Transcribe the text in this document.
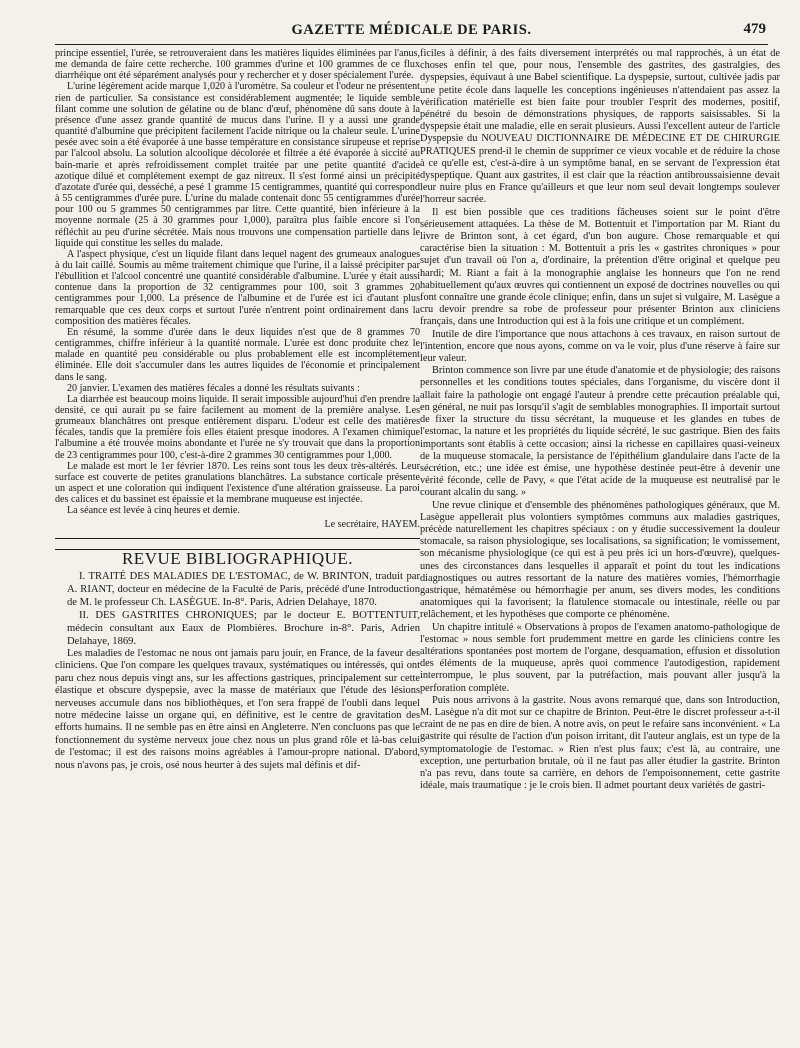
GAZETTE MÉDICALE DE PARIS.	479

principe essentiel, l'urée, se retrouveraient dans les matières liquides éliminées par l'anus, me demanda de faire cette recherche. 100 grammes d'urine et 100 grammes de ce flux diarrhéique ont été séparément analysés pour y rechercher et y doser spécialement l'urée.

L'urine légèrement acide marque 1,020 à l'uromètre. Sa couleur et l'odeur ne présentent rien de particulier. Sa consistance est considérablement augmentée; le liquide semble filant comme une solution de gélatine ou de blanc d'œuf, phénomène dû sans doute à la présence d'une assez grande quantité de mucus dans l'urine. Il y a aussi une grande quantité d'albumine que précipitent facilement l'acide nitrique ou la chaleur seule. L'urine pesée avec soin a été évaporée à une basse température en consistance sirupeuse et reprise par l'alcool absolu. La solution alcoolique décolorée et filtrée a été évaporée à siccité au bain-marie et après refroidissement complet traitée par une petite quantité d'acide azotique dilué et complétement exempt de gaz nitreux. Il s'est formé ainsi un précipité d'azotate d'urée qui, desséché, a pesé 1 gramme 15 centigrammes, quantité qui correspond à 55 centigrammes d'urée pure. L'urine du malade contenait donc 55 centigrammes d'urée pour 100 ou 5 grammes 50 centigrammes par litre. Cette quantité, bien inférieure à la moyenne normale (25 à 30 grammes pour 1,000), paraîtra plus faible encore si l'on réfléchit au peu d'urine sécrétée. Mais nous trouvons une compensation partielle dans le liquide qui constitue les selles du malade.

A l'aspect physique, c'est un liquide filant dans lequel nagent des grumeaux analogues à du lait caillé. Soumis au même traitement chimique que l'urine, il a laissé précipiter par l'ébullition et l'alcool concentré une quantité considérable d'albumine. L'urée y était aussi contenue dans la proportion de 32 centigrammes pour 100, soit 3 grammes 20 centigrammes pour 1,000. La présence de l'albumine et de l'urée est ici d'autant plus remarquable que ces deux corps et surtout l'urée n'entrent point ordinairement dans la composition des matières fécales.

En résumé, la somme d'urée dans le deux liquides n'est que de 8 grammes 70 centigrammes, chiffre inférieur à la quantité normale. L'urée est donc produite chez le malade en quantité peu considérable ou plus probablement elle est incomplétement éliminée. Elle doit s'accumuler dans les autres liquides de l'économie et principalement dans le sang.

20 janvier. L'examen des matières fécales a donné les résultats suivants :

La diarrhée est beaucoup moins liquide. Il serait impossible aujourd'hui d'en prendre la densité, ce qui aurait pu se faire facilement au moment de la première analyse. Les grumeaux blanchâtres ont presque entièrement disparu. L'odeur est celle des matières fécales, tandis que la première fois elles étaient presque inodores. A l'examen chimique l'albumine a été trouvée moins abondante et l'urée ne s'y trouvait que dans la proportion de 23 centigrammes pour 100, c'est-à-dire 2 grammes 30 centigrammes pour 1,000.

Le malade est mort le 1er février 1870. Les reins sont tous les deux très-altérés. Leur surface est couverte de petites granulations blanchâtres. La substance corticale présente un aspect et une coloration qui indiquent l'existence d'une altération graisseuse. La paroi des calices et du bassinet est épaissie et la membrane muqueuse est injectée.

La séance est levée à cinq heures et demie.

Le secrétaire, HAYEM.
REVUE BIBLIOGRAPHIQUE.

I. TRAITÉ DES MALADIES DE L'ESTOMAC, de W. BRINTON, traduit par A. RIANT, docteur en médecine de la Faculté de Paris, précédé d'une Introduction de M. le professeur Ch. LASÈGUE. In-8°. Paris, Adrien Delahaye, 1870.

II. DES GASTRITES CHRONIQUES; par le docteur E. BOTTENTUIT, médecin consultant aux Eaux de Plombières. Brochure in-8°. Paris, Adrien Delahaye, 1869.

Les maladies de l'estomac ne nous ont jamais paru jouir, en France, de la faveur des cliniciens. Que l'on compare les quelques travaux, systématiques ou intéressés, qui ont paru chez nous depuis vingt ans, sur les affections gastriques, principalement sur cette élastique et obscure dyspepsie, avec la masse de matériaux que l'étude des lésions nerveuses accumule dans nos bibliothèques, et l'on sera frappé de l'oubli dans lequel notre médecine laisse un organe qui, en définitive, est le centre de gravitation des efforts humains. Il ne semble pas en être ainsi en Angleterre. N'en concluons pas que le fonctionnement du système nerveux joue chez nous un plus grand rôle et là-bas celui de l'estomac; il est des raisons moins agréables à l'amour-propre national. D'abord, nous n'avons pas, je crois, osé nous heurter à des sujets mal définis et dif-

ficiles à définir, à des faits diversement interprétés ou mal rapprochés, à un état de choses enfin tel que, pour nous, l'ensemble des gastrites, des gastralgies, des dyspepsies, équivaut à une Babel scientifique. La dyspepsie, surtout, cultivée jadis par une petite école dans laquelle les conceptions ingénieuses n'attendaient pas assez la vérification matérielle est bien faite pour troubler l'esprit des modernes, positif, pénétré du besoin de démonstrations physiques, de rapports saisissables. Si la dyspepsie était une maladie, elle en serait plusieurs. Aussi l'excellent auteur de l'article Dyspepsie du NOUVEAU DICTIONNAIRE DE MÉDECINE ET DE CHIRURGIE PRATIQUES prend-il le chemin de supprimer ce vieux vocable et de réduire la chose à ce qu'elle est, c'est-à-dire à un symptôme banal, en se servant de l'expression état dyspeptique. Quant aux gastrites, il est clair que la réaction antibroussaisienne devait leur nuire plus en France qu'ailleurs et que leur nom seul devait longtemps soulever l'horreur sacrée.

Il est bien possible que ces traditions fâcheuses soient sur le point d'être sérieusement attaquées. La thèse de M. Bottentuit et l'importation par M. Riant du livre de Brinton sont, à cet égard, d'un bon augure. Chose remarquable et qui caractérise bien la situation : M. Bottentuit a pris les « gastrites chroniques » pour sujet d'un travail où l'on a, d'ordinaire, la prétention d'être original et quelque peu hardi; M. Riant a fait à la monographie anglaise les honneurs que l'on ne rend habituellement qu'aux œuvres qui contiennent un exposé de doctrines nouvelles ou qui font connaître une grande école clinique; enfin, dans un sujet si vulgaire, M. Lasègue a cru devoir prendre sa robe de professeur pour présenter Brinton aux cliniciens français, dans une Introduction qui est à la fois une critique et un complément.

Inutile de dire l'importance que nous attachons à ces travaux, en raison surtout de l'intention, encore que nous ayons, comme on va le voir, plus d'une réserve à faire sur leur valeur.

Brinton commence son livre par une étude d'anatomie et de physiologie; des raisons personnelles et les conditions toutes spéciales, dans l'organisme, du viscère dont il allait faire la pathologie ont engagé l'auteur à prendre cette précaution préalable qui, en général, ne nuit pas lorsqu'il s'agit de semblables monographies. Il importait surtout de fixer la structure du tissu sécrétant, la muqueuse et les glandes en tubes de l'estomac, la nature et les propriétés du liquide sécrété, le suc gastrique. Bien des faits importants sont établis à cette occasion; ainsi la richesse en capillaires quasi-veineux de la muqueuse stomacale, la persistance de l'épithélium glandulaire dans l'acte de la sécrétion, etc.; une idée est émise, une hypothèse destinée peut-être à devenir une vérité féconde, celle de Pavy, « que l'état acide de la muqueuse est neutralisé par le courant alcalin du sang. »

Une revue clinique et d'ensemble des phénomènes pathologiques généraux, que M. Lasègue appellerait plus volontiers symptômes communs aux maladies gastriques, précède naturellement les chapitres spéciaux : on y étudie successivement la douleur stomacale, sa raison physiologique, ses localisations, sa signification; le vomissement, son mécanisme physiologique (ce qui est à peu près ici un hors-d'œuvre), quelques-unes des circonstances dans lesquelles il apparaît et point du tout les indications diagnostiques ou autres ressortant de la nature des matières vomies, l'hémorrhagie gastrique, hématémèse ou hémorrhagie per anum, ses divers modes, les conditions anatomiques qui la favorisent; la flatulence stomacale ou intestinale, réelle ou par relâchement, et les hypothèses que comporte ce phénomène.

Un chapitre intitulé « Observations à propos de l'examen anatomo-pathologique de l'estomac » nous semble fort prudemment mettre en garde les cliniciens contre les altérations spontanées post mortem de l'organe, desquamation, effusion et dissolution des éléments de la muqueuse, après quoi commence l'autodigestion, rapidement interrompue, le plus souvent, par la putréfaction, mais pouvant aller jusqu'à la perforation complète.

Puis nous arrivons à la gastrite. Nous avons remarqué que, dans son Introduction, M. Lasègue n'a dit mot sur ce chapitre de Brinton. Peut-être le discret professeur a-t-il craint de ne pas en dire de bien. A notre avis, on peut le refaire sans inconvénient. « La gastrite qui résulte de l'action d'un poison irritant, dit l'auteur anglais, est un type de la symptomatologie de l'estomac. » Rien n'est plus faux; c'est là, au contraire, une exception, une perturbation brutale, où il ne faut pas aller étudier la gastrite. Brinton n'a pas revu, dans toute sa carrière, en dehors de l'empoisonnement, cette gastrite idéale, mais traumatique : je le crois bien. Il admet pourtant deux variétés de gastri-
